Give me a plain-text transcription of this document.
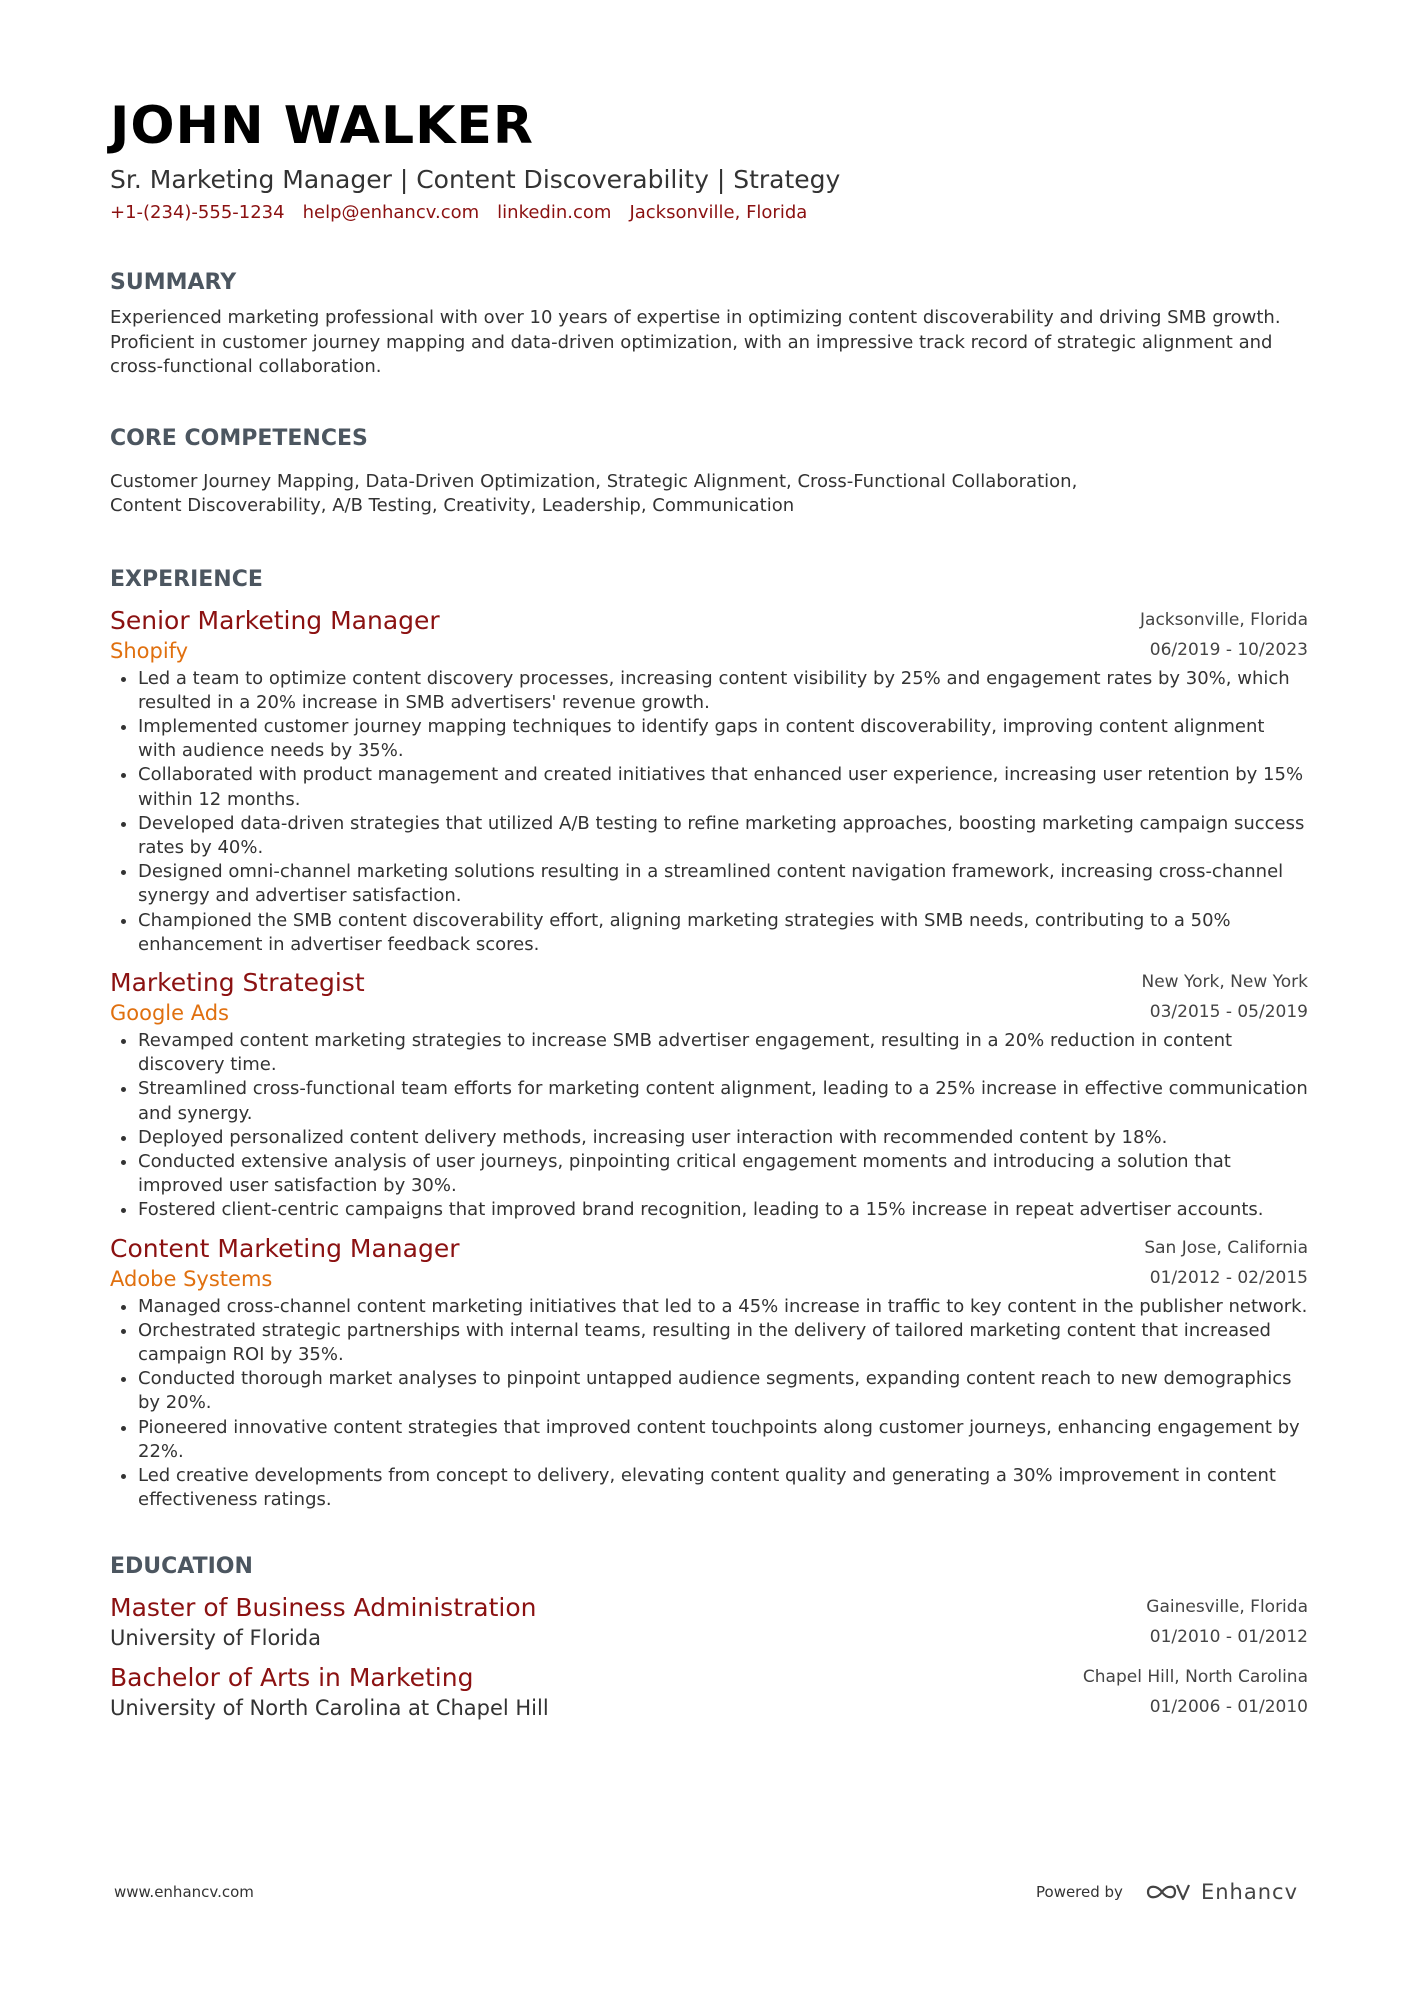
JOHN WALKER
Sr. Marketing Manager | Content Discoverability | Strategy
+1-(234)-555-1234 help@enhancv.com linkedin.com Jacksonville, Florida
SUMMARY
Experienced marketing professional with over 10 years of expertise in optimizing content discoverability and driving SMB growth. Proficient in customer journey mapping and data-driven optimization, with an impressive track record of strategic alignment and cross-functional collaboration.
CORE COMPETENCES
Customer Journey Mapping, Data-Driven Optimization, Strategic Alignment, Cross-Functional Collaboration,
Content Discoverability, A/B Testing, Creativity, Leadership, Communication
EXPERIENCE
Senior Marketing Manager
Shopify
Jacksonville, Florida
06/2019 - 10/2023
• Led a team to optimize content discovery processes, increasing content visibility by 25% and engagement rates by 30%, which resulted in a 20% increase in SMB advertisers' revenue growth.
• Implemented customer journey mapping techniques to identify gaps in content discoverability, improving content alignment with audience needs by 35%.
• Collaborated with product management and created initiatives that enhanced user experience, increasing user retention by 15% within 12 months.
• Developed data-driven strategies that utilized A/B testing to refine marketing approaches, boosting marketing campaign success rates by 40%.
• Designed omni-channel marketing solutions resulting in a streamlined content navigation framework, increasing cross-channel synergy and advertiser satisfaction.
• Championed the SMB content discoverability effort, aligning marketing strategies with SMB needs, contributing to a 50% enhancement in advertiser feedback scores.
Marketing Strategist
Google Ads
New York, New York
03/2015 - 05/2019
• Revamped content marketing strategies to increase SMB advertiser engagement, resulting in a 20% reduction in content discovery time.
• Streamlined cross-functional team efforts for marketing content alignment, leading to a 25% increase in effective communication and synergy.
• Deployed personalized content delivery methods, increasing user interaction with recommended content by 18%.
• Conducted extensive analysis of user journeys, pinpointing critical engagement moments and introducing a solution that improved user satisfaction by 30%.
• Fostered client-centric campaigns that improved brand recognition, leading to a 15% increase in repeat advertiser accounts.
Content Marketing Manager
Adobe Systems
San Jose, California
01/2012 - 02/2015
• Managed cross-channel content marketing initiatives that led to a 45% increase in traffic to key content in the publisher network.
• Orchestrated strategic partnerships with internal teams, resulting in the delivery of tailored marketing content that increased campaign ROI by 35%.
• Conducted thorough market analyses to pinpoint untapped audience segments, expanding content reach to new demographics by 20%.
• Pioneered innovative content strategies that improved content touchpoints along customer journeys, enhancing engagement by 22%.
• Led creative developments from concept to delivery, elevating content quality and generating a 30% improvement in content effectiveness ratings.
EDUCATION
Master of Business Administration
University of Florida
Gainesville, Florida
01/2010 - 01/2012
Bachelor of Arts in Marketing
University of North Carolina at Chapel Hill
Chapel Hill, North Carolina
01/2006 - 01/2010
www.enhancv.com	Powered by	Enhancv
